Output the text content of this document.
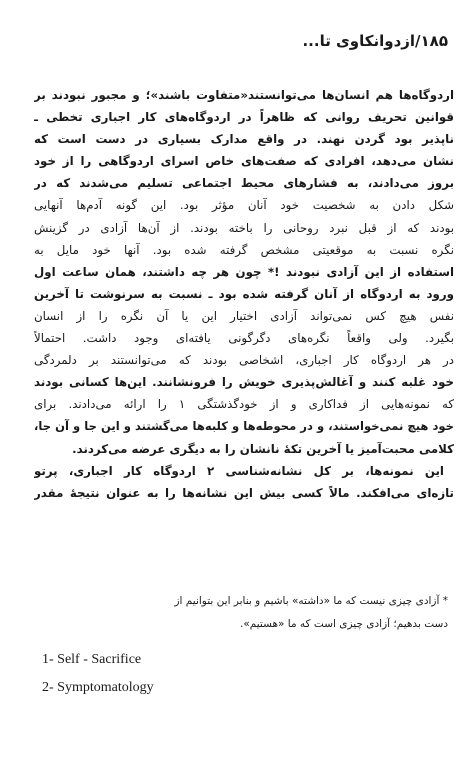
۱۸۵/ازدوانکاوی تا...
اردوگاه‌ها هم انسان‌ها می‌توانستند«متفاوت باشند»؛ و مجبور نبودند بر
قوانین تحریف روانی که ظاهراً در اردوگاه‌های کار اجباری تخطی ـ
ناپذیر بود گردن نهند. در واقع مدارک بسیاری در دست است که
نشان می‌دهد، افرادی که صفت‌های خاص اسرای اردوگاهی را از خود
بروز می‌دادند، به فشارهای محیط اجتماعی تسلیم می‌شدند که در
شکل دادن به شخصیت خود آنان مؤثر بود. این گونه آدم‌ها آنهایی
بودند که از قبل نبرد روحانی را باخته بودند. از آن‌ها آزادی در گزینش
نگره نسبت به موقعیتی مشخص گرفته شده بود. آنها خود مایل به
استفاده از این آزادی نبودند !* چون هر چه داشتند، همان ساعت اول
ورود به اردوگاه از آنان گرفته شده بود ـ نسبت به سرنوشت تا آخرین
نفس هیچ کس نمی‌تواند آزادی اختیار این یا آن نگره را از انسان
بگیرد. ولی واقعاً نگره‌های دگرگونی یافته‌ای وجود داشت. احتمالاً
در هر اردوگاه کار اجباری، اشخاصی بودند که می‌توانستند بر دلمردگی
خود غلبه کنند و آغالش‌پذیری خویش را فرونشانند. این‌ها کسانی بودند
که نمونه‌هایی از فداکاری و از خودگذشتگی ۱ را ارائه می‌دادند. برای
خود هیچ نمی‌خواستند، و در محوطه‌ها و کلبه‌ها می‌گشتند و این جا و آن جا،
کلامی محبت‌آمیز یا آخرین تکهٔ نانشان را به دیگری عرضه می‌کردند.
این نمونه‌ها، بر کل نشانه‌شناسی ۲ اردوگاه کار اجباری، پرتو
تازه‌ای می‌افکند. مالاً کسی بیش این نشانه‌ها را به عنوان نتیجهٔ مقدر
* آزادی چیزی نیست که ما «داشته» باشیم و بنابر این بتوانیم از
دست بدهیم؛ آزادی چیزی است که ما «هستیم».
1- Self - Sacrifice
2- Symptomatology
